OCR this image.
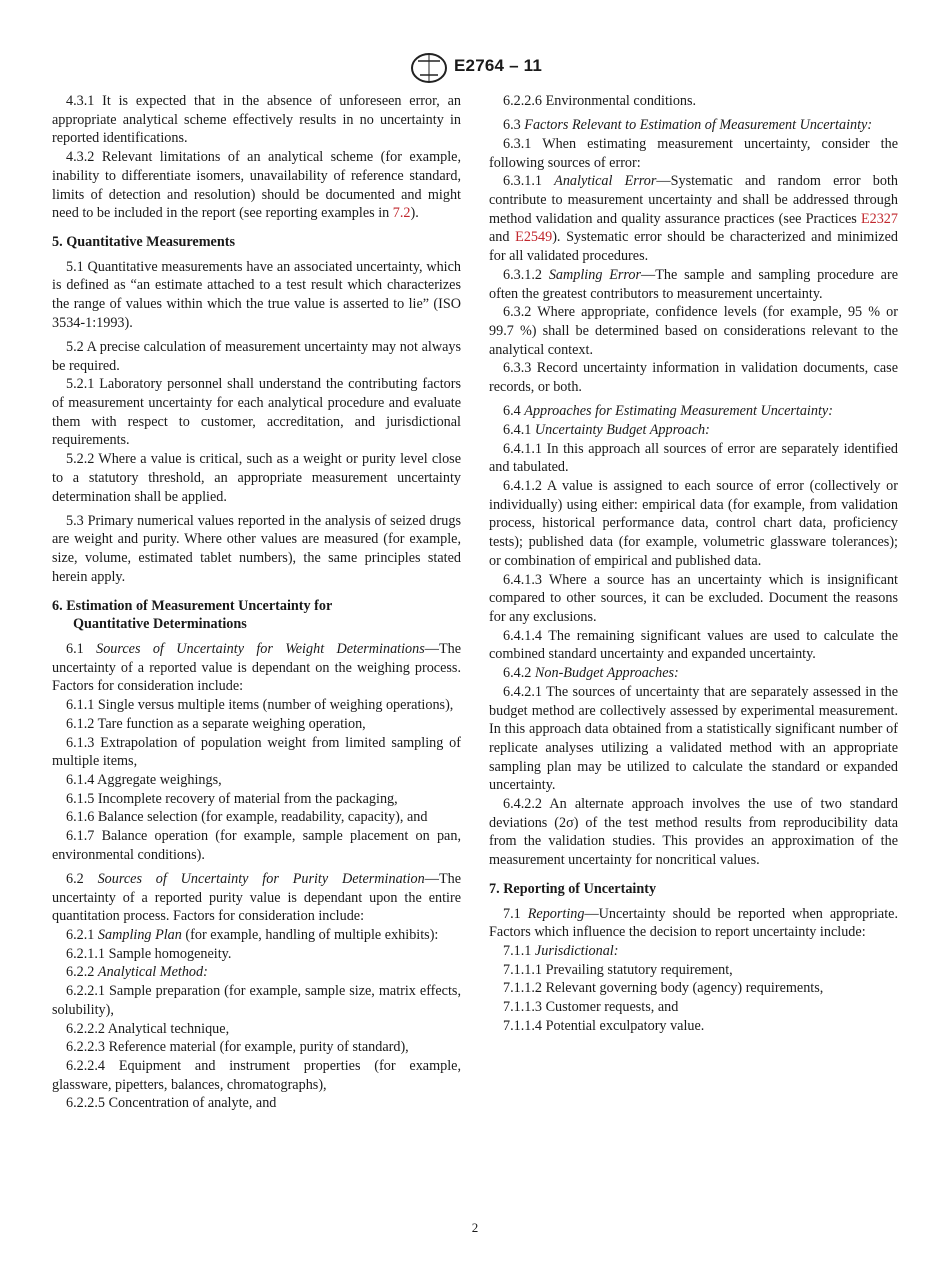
E2764 – 11

4.3.1 It is expected that in the absence of unforeseen error, an appropriate analytical scheme effectively results in no uncertainty in reported identifications.

4.3.2 Relevant limitations of an analytical scheme (for example, inability to differentiate isomers, unavailability of reference standard, limits of detection and resolution) should be documented and might need to be included in the report (see reporting examples in 7.2).

5. Quantitative Measurements

5.1 Quantitative measurements have an associated uncertainty, which is defined as “an estimate attached to a test result which characterizes the range of values within which the true value is asserted to lie” (ISO 3534-1:1993).

5.2 A precise calculation of measurement uncertainty may not always be required.

5.2.1 Laboratory personnel shall understand the contributing factors of measurement uncertainty for each analytical procedure and evaluate them with respect to customer, accreditation, and jurisdictional requirements.

5.2.2 Where a value is critical, such as a weight or purity level close to a statutory threshold, an appropriate measurement uncertainty determination shall be applied.

5.3 Primary numerical values reported in the analysis of seized drugs are weight and purity. Where other values are measured (for example, size, volume, estimated tablet numbers), the same principles stated herein apply.

6. Estimation of Measurement Uncertainty for
Quantitative Determinations

6.1 Sources of Uncertainty for Weight Determinations—The uncertainty of a reported value is dependant on the weighing process. Factors for consideration include:

6.1.1 Single versus multiple items (number of weighing operations),

6.1.2 Tare function as a separate weighing operation,

6.1.3 Extrapolation of population weight from limited sampling of multiple items,

6.1.4 Aggregate weighings,

6.1.5 Incomplete recovery of material from the packaging,

6.1.6 Balance selection (for example, readability, capacity), and

6.1.7 Balance operation (for example, sample placement on pan, environmental conditions).

6.2 Sources of Uncertainty for Purity Determination—The uncertainty of a reported purity value is dependant upon the entire quantitation process. Factors for consideration include:

6.2.1 Sampling Plan (for example, handling of multiple exhibits):

6.2.1.1 Sample homogeneity.

6.2.2 Analytical Method:

6.2.2.1 Sample preparation (for example, sample size, matrix effects, solubility),

6.2.2.2 Analytical technique,

6.2.2.3 Reference material (for example, purity of standard),

6.2.2.4 Equipment and instrument properties (for example, glassware, pipetters, balances, chromatographs),

6.2.2.5 Concentration of analyte, and

6.2.2.6 Environmental conditions.

6.3 Factors Relevant to Estimation of Measurement Uncertainty:

6.3.1 When estimating measurement uncertainty, consider the following sources of error:

6.3.1.1 Analytical Error—Systematic and random error both contribute to measurement uncertainty and shall be addressed through method validation and quality assurance practices (see Practices E2327 and E2549). Systematic error should be characterized and minimized for all validated procedures.

6.3.1.2 Sampling Error—The sample and sampling procedure are often the greatest contributors to measurement uncertainty.

6.3.2 Where appropriate, confidence levels (for example, 95 % or 99.7 %) shall be determined based on considerations relevant to the analytical context.

6.3.3 Record uncertainty information in validation documents, case records, or both.

6.4 Approaches for Estimating Measurement Uncertainty:

6.4.1 Uncertainty Budget Approach:

6.4.1.1 In this approach all sources of error are separately identified and tabulated.

6.4.1.2 A value is assigned to each source of error (collectively or individually) using either: empirical data (for example, from validation process, historical performance data, control chart data, proficiency tests); published data (for example, volumetric glassware tolerances); or combination of empirical and published data.

6.4.1.3 Where a source has an uncertainty which is insignificant compared to other sources, it can be excluded. Document the reasons for any exclusions.

6.4.1.4 The remaining significant values are used to calculate the combined standard uncertainty and expanded uncertainty.

6.4.2 Non-Budget Approaches:

6.4.2.1 The sources of uncertainty that are separately assessed in the budget method are collectively assessed by experimental measurement. In this approach data obtained from a statistically significant number of replicate analyses utilizing a validated method with an appropriate sampling plan may be utilized to calculate the standard or expanded uncertainty.

6.4.2.2 An alternate approach involves the use of two standard deviations (2σ) of the test method results from reproducibility data from the validation studies. This provides an approximation of the measurement uncertainty for noncritical values.

7. Reporting of Uncertainty

7.1 Reporting—Uncertainty should be reported when appropriate. Factors which influence the decision to report uncertainty include:

7.1.1 Jurisdictional:

7.1.1.1 Prevailing statutory requirement,

7.1.1.2 Relevant governing body (agency) requirements,

7.1.1.3 Customer requests, and

7.1.1.4 Potential exculpatory value.

2
